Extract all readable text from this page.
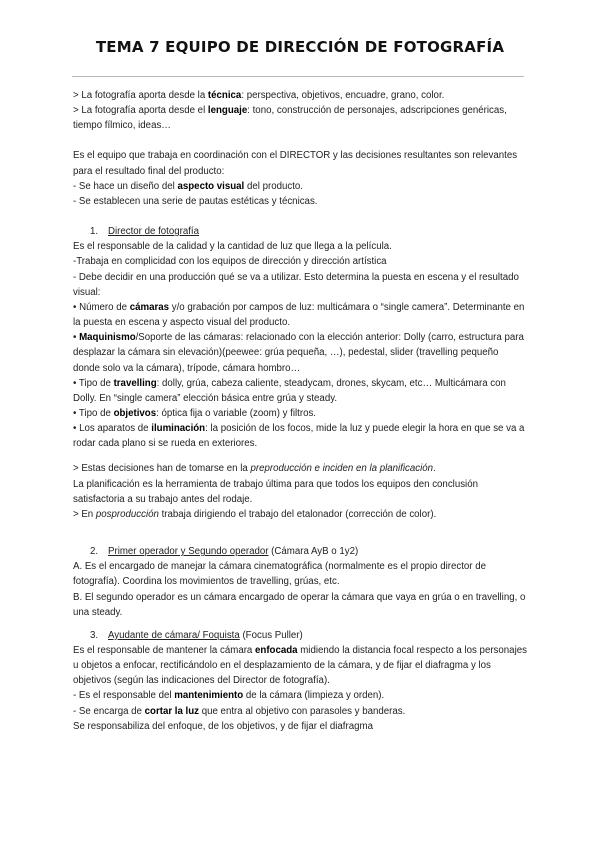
TEMA 7 EQUIPO DE DIRECCIÓN DE FOTOGRAFÍA

> La fotografía aporta desde la técnica: perspectiva, objetivos, encuadre, grano, color.

> La fotografía aporta desde el lenguaje: tono, construcción de personajes, adscripciones genéricas, tiempo fílmico, ideas…

Es el equipo que trabaja en coordinación con el DIRECTOR y las decisiones resultantes son relevantes para el resultado final del producto:

- Se hace un diseño del aspecto visual del producto.

- Se establecen una serie de pautas estéticas y técnicas.

1. Director de fotografía

Es el responsable de la calidad y la cantidad de luz que llega a la película.

-Trabaja en complicidad con los equipos de dirección y dirección artística

- Debe decidir en una producción qué se va a utilizar. Esto determina la puesta en escena y el resultado visual:

• Número de cámaras y/o grabación por campos de luz: multicámara o “single camera”. Determinante en la puesta en escena y aspecto visual del producto.

• Maquinismo/Soporte de las cámaras: relacionado con la elección anterior: Dolly (carro, estructura para desplazar la cámara sin elevación)(peewee: grúa pequeña, …), pedestal, slider (travelling pequeño donde solo va la cámara), trípode, cámara hombro…

• Tipo de travelling: dolly, grúa, cabeza caliente, steadycam, drones, skycam, etc… Multicámara con Dolly. En “single camera” elección básica entre grúa y steady.

• Tipo de objetivos: óptica fija o variable (zoom) y filtros.

• Los aparatos de iluminación: la posición de los focos, mide la luz y puede elegir la hora en que se va a rodar cada plano si se rueda en exteriores.

> Estas decisiones han de tomarse en la preproducción e inciden en la planificación.

La planificación es la herramienta de trabajo última para que todos los equipos den conclusión satisfactoria a su trabajo antes del rodaje.

> En posproducción trabaja dirigiendo el trabajo del etalonador (corrección de color).

2. Primer operador y Segundo operador (Cámara AyB o 1y2)

A. Es el encargado de manejar la cámara cinematográfica (normalmente es el propio director de fotografía). Coordina los movimientos de travelling, grúas, etc.

B. El segundo operador es un cámara encargado de operar la cámara que vaya en grúa o en travelling, o una steady.

3. Ayudante de cámara/ Foquista (Focus Puller)

Es el responsable de mantener la cámara enfocada midiendo la distancia focal respecto a los personajes u objetos a enfocar, rectificándolo en el desplazamiento de la cámara, y de fijar el diafragma y los objetivos (según las indicaciones del Director de fotografía).

- Es el responsable del mantenimiento de la cámara (limpieza y orden).

- Se encarga de cortar la luz que entra al objetivo con parasoles y banderas.

Se responsabiliza del enfoque, de los objetivos, y de fijar el diafragma
